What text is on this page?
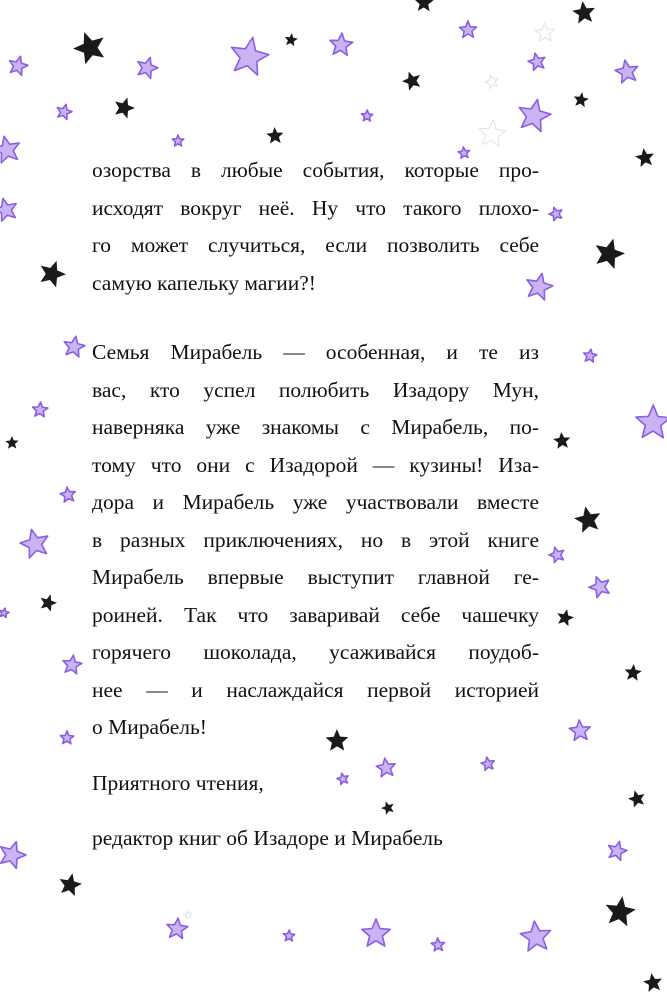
озорства в любые события, которые про-
исходят вокруг неё. Ну что такого плохо-
го может случиться, если позволить себе
самую капельку магии?!
Семья Мирабель — особенная, и те из
вас, кто успел полюбить Изадору Мун,
наверняка уже знакомы с Мирабель, по-
тому что они с Изадорой — кузины! Иза-
дора и Мирабель уже участвовали вместе
в разных приключениях, но в этой книге
Мирабель впервые выступит главной ге-
роиней. Так что заваривай себе чашечку
горячего шоколада, усаживайся поудоб-
нее — и наслаждайся первой историей
о Мирабель!

Приятного чтения,

редактор книг об Изадоре и Мирабель
